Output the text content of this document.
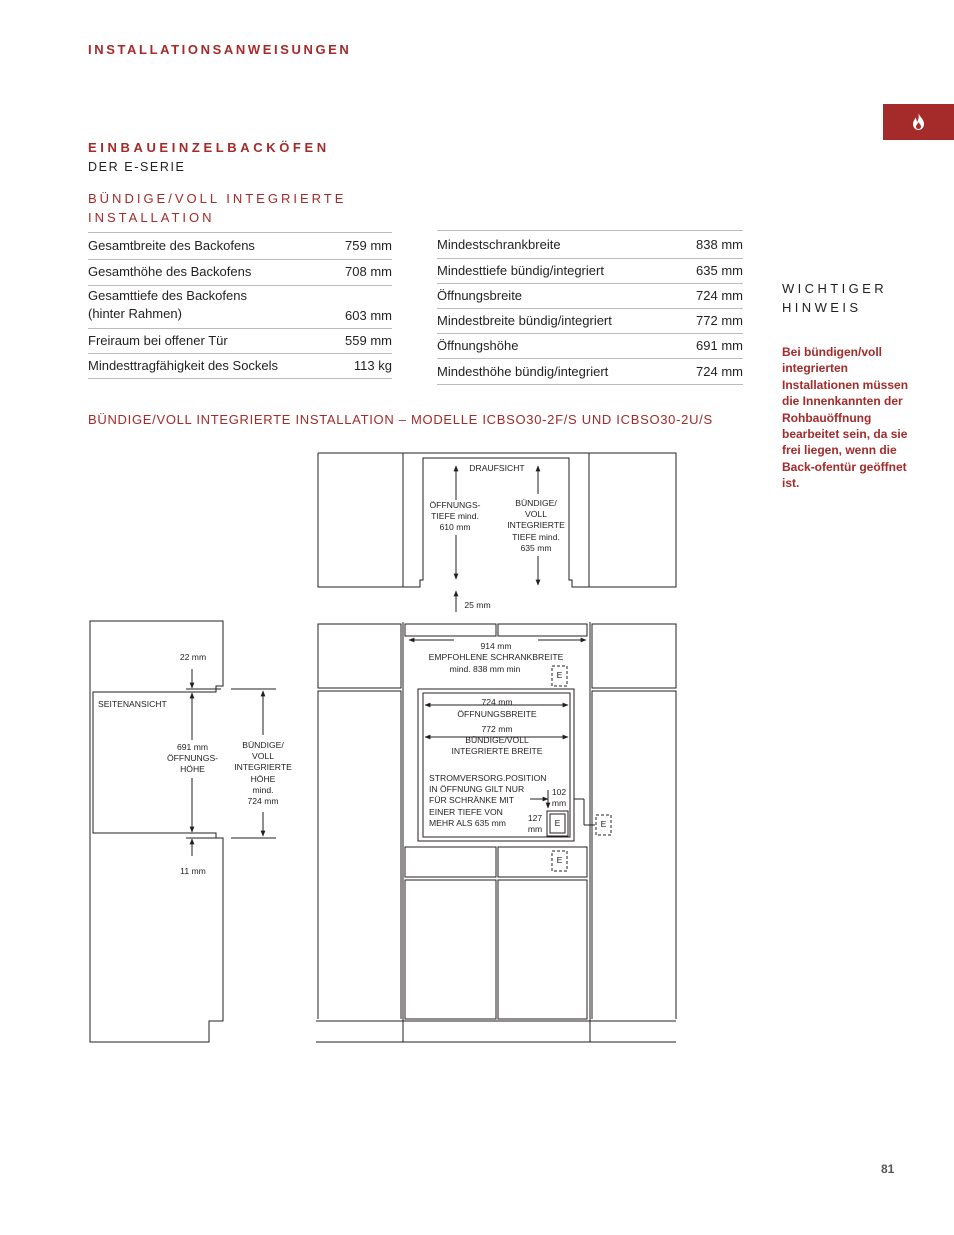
INSTALLATIONSANWEISUNGEN
EINBAUEINZELBACKÖFEN
DER E-SERIE
BÜNDIGE/VOLL INTEGRIERTE INSTALLATION
Gesamtbreite des Backofens	759 mm
Gesamthöhe des Backofens	708 mm

Gesamttiefe des Backofens
(hinter Rahmen)	603 mm
Freiraum bei offener Tür	559 mm
Mindesttragfähigkeit des Sockels	113 kg
Mindestschrankbreite	838 mm
Mindesttiefe bündig/integriert	635 mm
Öffnungsbreite	724 mm
Mindestbreite bündig/integriert	772 mm
Öffnungshöhe	691 mm
Mindesthöhe bündig/integriert	724 mm
BÜNDIGE/VOLL INTEGRIERTE INSTALLATION – MODELLE ICBSO30-2F/S UND ICBSO30-2U/S
WICHTIGER
HINWEIS
Bei bündigen/voll integrierten Installationen müssen die Innenkannten der Rohbauöffnung bearbeitet sein, da sie frei liegen, wenn die Back-ofentür geöffnet ist.
DRAUFSICHT
ÖFFNUNGS-
TIEFE mind.
610 mm
BÜNDIGE/
VOLL
INTEGRIERTE
TIEFE mind.
635 mm
25 mm
914 mm
EMPFOHLENE SCHRANKBREITE
mind. 838 mm min
E
724 mm
ÖFFNUNGSBREITE
772 mm
BÜNDIGE/VOLL
INTEGRIERTE BREITE
STROMVERSORG.POSITION
IN ÖFFNUNG GILT NUR
FÜR SCHRÄNKE MIT
EINER TIEFE VON
MEHR ALS 635 mm
102
mm
127
mm
E	E
E
SEITENANSICHT
22 mm
11 mm
691 mm
ÖFFNUNGS-
HÖHE
BÜNDIGE/
VOLL
INTEGRIERTE
HÖHE
mind.
724 mm
81
